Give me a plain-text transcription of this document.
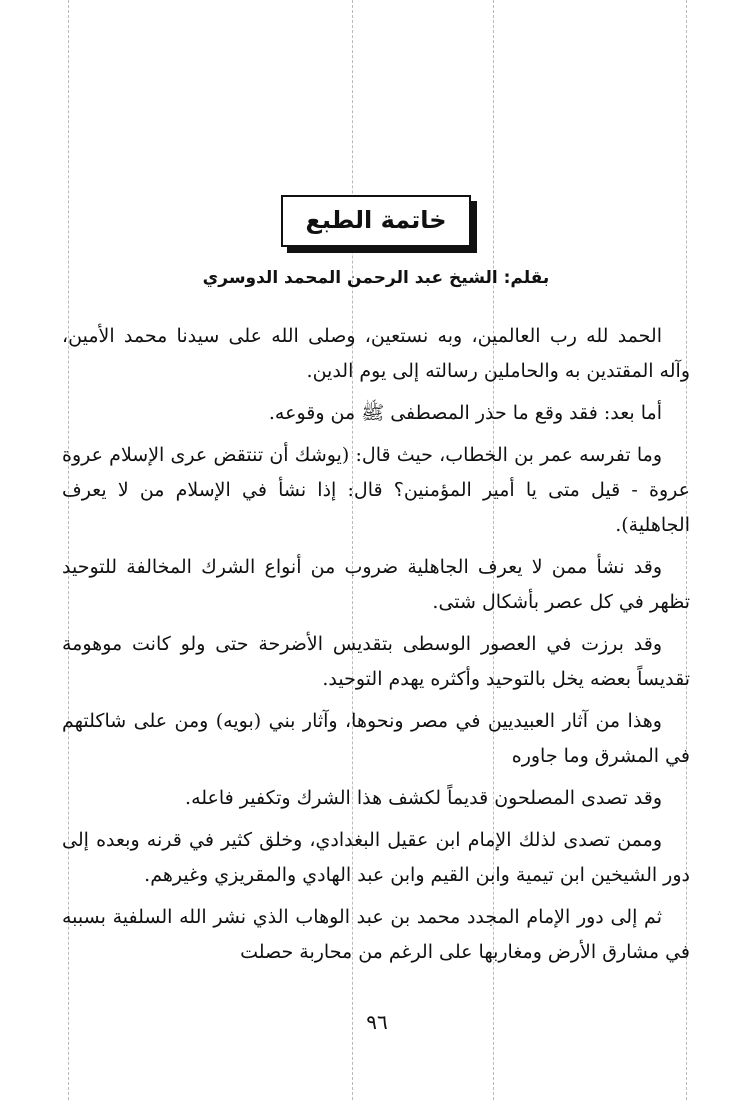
خاتمة الطبع
بقلم: الشيخ عبد الرحمن المحمد الدوسري

الحمد لله رب العالمين، وبه نستعين، وصلى الله على سيدنا محمد الأمين، وآله المقتدين به والحاملين رسالته إلى يوم الدين.

أما بعد: فقد وقع ما حذر المصطفى ﷺ من وقوعه.

وما تفرسه عمر بن الخطاب، حيث قال: (يوشك أن تنتقض عرى الإسلام عروة عروة - قيل متى يا أمير المؤمنين؟ قال: إذا نشأ في الإسلام من لا يعرف الجاهلية).

وقد نشأ ممن لا يعرف الجاهلية ضروب من أنواع الشرك المخالفة للتوحيد تظهر في كل عصر بأشكال شتى.

وقد برزت في العصور الوسطى بتقديس الأضرحة حتى ولو كانت موهومة تقديساً بعضه يخل بالتوحيد وأكثره يهدم التوحيد.

وهذا من آثار العبيديين في مصر ونحوها، وآثار بني (بويه) ومن على شاكلتهم في المشرق وما جاوره

وقد تصدى المصلحون قديماً لكشف هذا الشرك وتكفير فاعله.

وممن تصدى لذلك الإمام ابن عقيل البغدادي، وخلق كثير في قرنه وبعده إلى دور الشيخين ابن تيمية وابن القيم وابن عبد الهادي والمقريزي وغيرهم.

ثم إلى دور الإمام المجدد محمد بن عبد الوهاب الذي نشر الله السلفية بسببه في مشارق الأرض ومغاربها على الرغم من محاربة حصلت

٩٦
